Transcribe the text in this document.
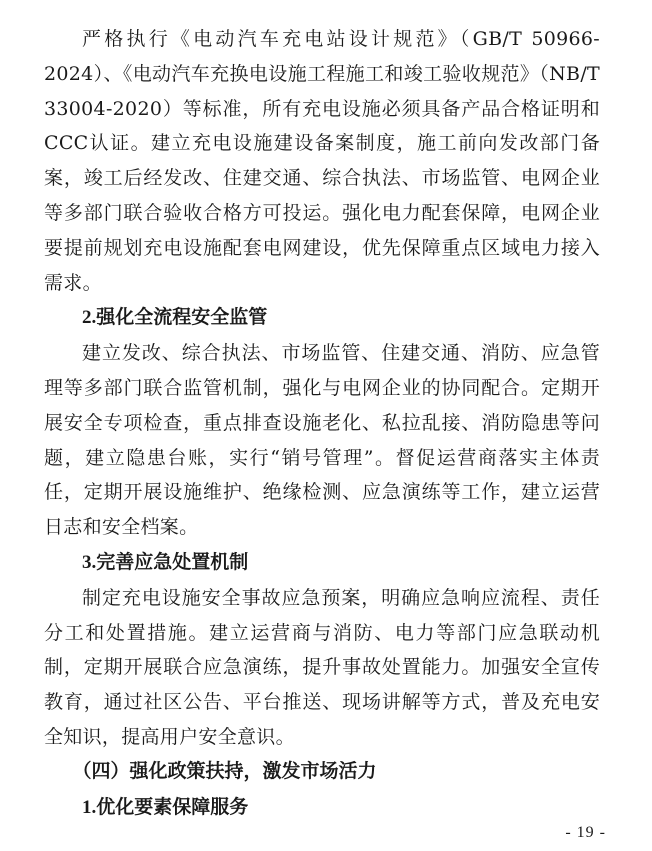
严格执行《电动汽车充电站设计规范》（GB/T 50966-2024）、《电动汽车充换电设施工程施工和竣工验收规范》（NB/T 33004-2020）等标准，所有充电设施必须具备产品合格证明和CCC认证。建立充电设施建设备案制度，施工前向发改部门备案，竣工后经发改、住建交通、综合执法、市场监管、电网企业等多部门联合验收合格方可投运。强化电力配套保障，电网企业要提前规划充电设施配套电网建设，优先保障重点区域电力接入需求。

2.强化全流程安全监管

建立发改、综合执法、市场监管、住建交通、消防、应急管理等多部门联合监管机制，强化与电网企业的协同配合。定期开展安全专项检查，重点排查设施老化、私拉乱接、消防隐患等问题，建立隐患台账，实行“销号管理”。督促运营商落实主体责任，定期开展设施维护、绝缘检测、应急演练等工作，建立运营日志和安全档案。

3.完善应急处置机制

制定充电设施安全事故应急预案，明确应急响应流程、责任分工和处置措施。建立运营商与消防、电力等部门应急联动机制，定期开展联合应急演练，提升事故处置能力。加强安全宣传教育，通过社区公告、平台推送、现场讲解等方式，普及充电安全知识，提高用户安全意识。

（四）强化政策扶持，激发市场活力

1.优化要素保障服务

- 19 -
